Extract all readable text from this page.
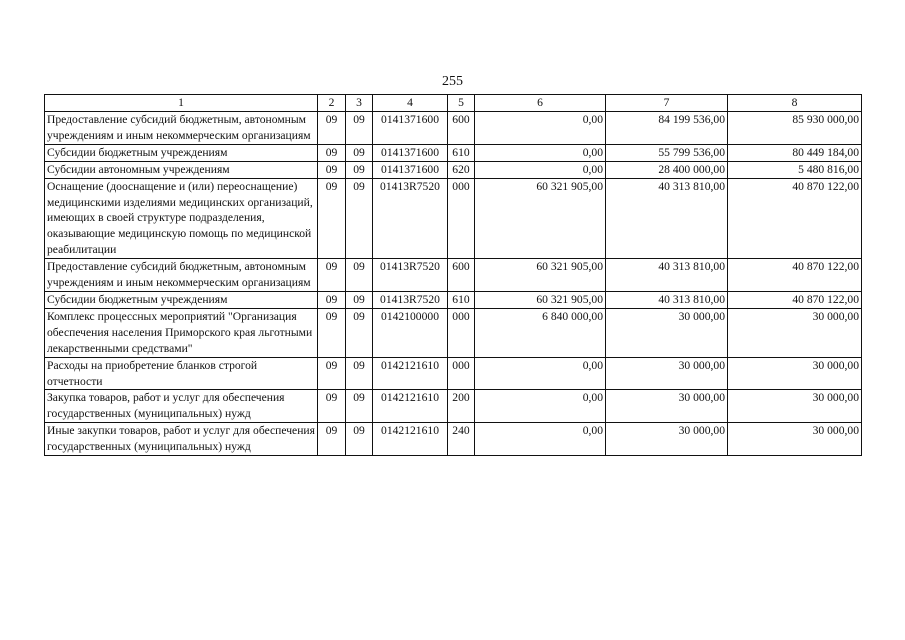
255
1	2	3	4	5	6	7	8
Предоставление субсидий бюджетным, автономным учреждениям и иным некоммерческим организациям	09	09	0141371600	600	0,00	84 199 536,00	85 930 000,00
Субсидии бюджетным учреждениям	09	09	0141371600	610	0,00	55 799 536,00	80 449 184,00
Субсидии автономным учреждениям	09	09	0141371600	620	0,00	28 400 000,00	5 480 816,00
Оснащение (дооснащение и (или) переоснащение) медицинскими изделиями медицинских организаций, имеющих в своей структуре подразделения, оказывающие медицинскую помощь по медицинской реабилитации	09	09	01413R7520	000	60 321 905,00	40 313 810,00	40 870 122,00
Предоставление субсидий бюджетным, автономным учреждениям и иным некоммерческим организациям	09	09	01413R7520	600	60 321 905,00	40 313 810,00	40 870 122,00
Субсидии бюджетным учреждениям	09	09	01413R7520	610	60 321 905,00	40 313 810,00	40 870 122,00
Комплекс процессных мероприятий "Организация обеспечения населения Приморского края льготными лекарственными средствами"	09	09	0142100000	000	6 840 000,00	30 000,00	30 000,00
Расходы на приобретение бланков строгой отчетности	09	09	0142121610	000	0,00	30 000,00	30 000,00
Закупка товаров, работ и услуг для обеспечения государственных (муниципальных) нужд	09	09	0142121610	200	0,00	30 000,00	30 000,00
Иные закупки товаров, работ и услуг для обеспечения государственных (муниципальных) нужд	09	09	0142121610	240	0,00	30 000,00	30 000,00
